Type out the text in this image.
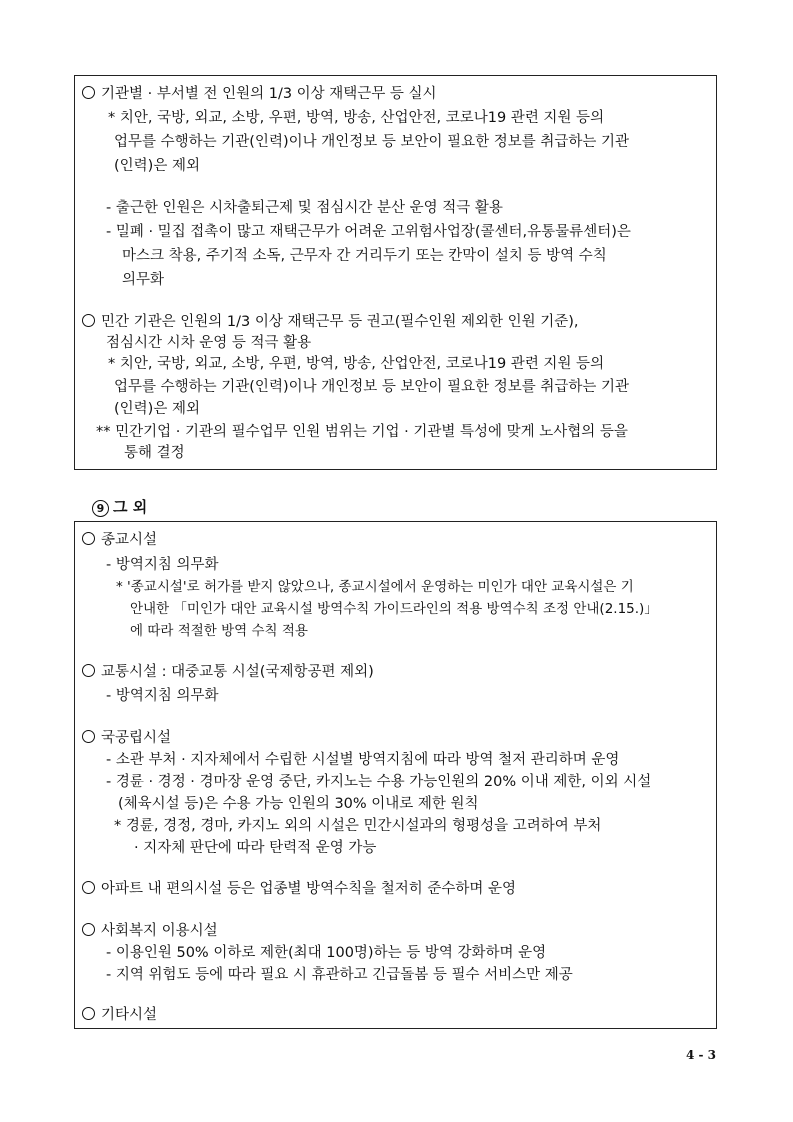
기관별 · 부서별 전 인원의 1/3 이상 재택근무 등 실시
* 치안, 국방, 외교, 소방, 우편, 방역, 방송, 산업안전, 코로나19 관련 지원 등의
업무를 수행하는 기관(인력)이나 개인정보 등 보안이 필요한 정보를 취급하는 기관
(인력)은 제외
- 출근한 인원은 시차출퇴근제 및 점심시간 분산 운영 적극 활용
- 밀폐 · 밀집 접촉이 많고 재택근무가 어려운 고위험사업장(콜센터,유통물류센터)은
마스크 착용, 주기적 소독, 근무자 간 거리두기 또는 칸막이 설치 등 방역 수칙
의무화
민간 기관은 인원의 1/3 이상 재택근무 등 권고(필수인원 제외한 인원 기준),
점심시간 시차 운영 등 적극 활용
* 치안, 국방, 외교, 소방, 우편, 방역, 방송, 산업안전, 코로나19 관련 지원 등의
업무를 수행하는 기관(인력)이나 개인정보 등 보안이 필요한 정보를 취급하는 기관
(인력)은 제외
** 민간기업 · 기관의 필수업무 인원 범위는 기업 · 기관별 특성에 맞게 노사협의 등을
통해 결정
9 그 외
종교시설
- 방역지침 의무화
* '종교시설'로 허가를 받지 않았으나, 종교시설에서 운영하는 미인가 대안 교육시설은 기
안내한 「미인가 대안 교육시설 방역수칙 가이드라인의 적용 방역수칙 조정 안내(2.15.)」
에 따라 적절한 방역 수칙 적용
교통시설 : 대중교통 시설(국제항공편 제외)
- 방역지침 의무화
국공립시설
- 소관 부처 · 지자체에서 수립한 시설별 방역지침에 따라 방역 철저 관리하며 운영
- 경륜 · 경정 · 경마장 운영 중단, 카지노는 수용 가능인원의 20% 이내 제한, 이외 시설
(체육시설 등)은 수용 가능 인원의 30% 이내로 제한 원칙
* 경륜, 경정, 경마, 카지노 외의 시설은 민간시설과의 형평성을 고려하여 부처
· 지자체 판단에 따라 탄력적 운영 가능
아파트 내 편의시설 등은 업종별 방역수칙을 철저히 준수하며 운영
사회복지 이용시설
- 이용인원 50% 이하로 제한(최대 100명)하는 등 방역 강화하며 운영
- 지역 위험도 등에 따라 필요 시 휴관하고 긴급돌봄 등 필수 서비스만 제공
기타시설
4 - 3
